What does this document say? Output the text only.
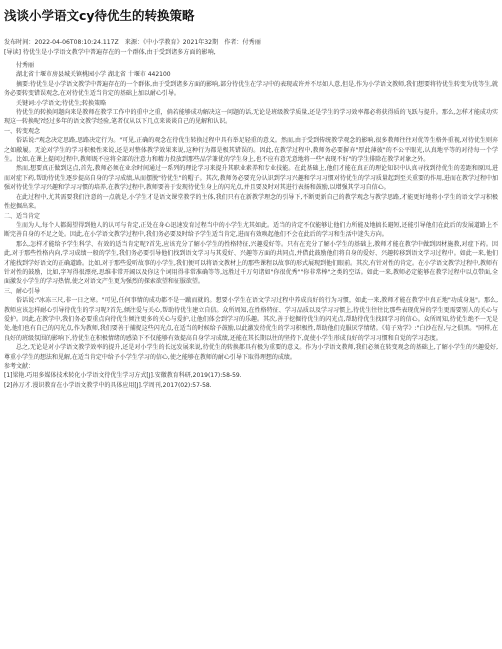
浅谈小学语文су待优生的转换策略

发布时间：2022-04-06T08:10:24.117Z　来源：《中小学教育》2021年32期　作者：付秀丽

[导读] 待优生是小学语文教学中普遍存在的一个群体,由于受到诸多方面的影响,

付秀丽

湖北省十堰市房县城关镇桃园小学 湖北省 十堰市 442100

摘要:待优生是小学语文教学中普遍存在的一个群体,由于受到诸多方面的影响,部分待优生在学习中的表现或许并不尽如人意,但是,作为小学语文教师,我们想要将待优生转变为优等生,就务必要转变错误观念,在对待优生适当肯定的基础上加以耐心引导。

关键词:小学语文;待优生;转换策略

待优生的转换问题向来是教师在教学工作中的重中之重，倘若能够成功解决这一问题的话,无论是班级教学质量,还是学生的学习效率都必将获得质的飞跃与提升。那么,怎样才能成功实现这一转换呢?经过多年的语文教学经验,笔者仅从以下几点来谈谈自己的见解和认识。

一、转变观念

俗话说:"观念决定思路,思路决定行为。"可见,正确的观念在待优生转换过程中具有举足轻重的意义。然而,由于受到传统教学观念的影响,很多教师往往对优等生格外重视,对待优生则弃之如敝履。无论对学生的学习积极性来说,还是对整体教学效果来说,这种行为都是极其错误的。因此,在教学过程中,教师务必要摒弃"厚此薄彼"的不公平眼光,认真地平等的对待每一个学生。比如,在课上提问过程中,教师既不应将全部的注意力和精力投放到那些品学兼优的学生身上,也不应有意无意地将一些"表现不好"的学生排除在教学对象之外。

然而,想要真正做到这点,首先,教师必须在业余时间通过一系列的理论学习来提升其职业素养和专业技能。在此基础上,他们才能在真正的理论知识中认真寻找到待优生的差距和原因,进而对症下药,帮助待优生逐步提高自身的学习成绩,从而摆脱"待优生"的帽子。其次,教师务必要充分认识到学习兴趣和学习习惯对待优生的学习质量起到至关重要的作用,进而在教学过程中加强对待优生学习兴趣和学习习惯的培养,在教学过程中,教师要善于发现待优生身上的闪光点,并且要及时对其进行表扬和鼓励,以增强其学习自信心。

在此过程中,尤其需要我们注意的一点就是,小学生才是语文课堂教学的主体,我们只有在新教学理念的引导下,不断更新自己的教学观念与教学思路,才能更好地将小学生的语文学习积极性挖掘出来。

二、适当肯定

生而为人,每个人都渴望得到他人的认可与肯定,正处在身心迅速发育过程当中的小学生尤其如此。适当的肯定不仅能够让他们力所能及地搞长避短,还能引导他们在此后的发展道路上不断完善自身的不足之处。因此,在小学语文教学过程中,我们务必要及时给予学生适当肯定,进而有效唤起他们不会在此后的学习和生活中迷失方向。

那么,怎样才能给予学生科学、有效的适当肯定呢?首先,应该充分了解小学生的性格特征,兴趣爱好等。只有在充分了解小学生的基础上,教师才能在教学中做到因材施教,对症下药。因此,对于那些性格内向,学习成绩一般的学生,我们务必要引导他们找到语文学习与其爱好、兴趣等方面的共同点,并借此鼓励他们将自身的爱好、兴趣转移到语文学习过程中。如此一来,他们才能找到学好语文的正确道路。比如,对于那些爱听故事的小学生,我们便可以将语文教材上的那些课程以故事的形式展现到他们眼前。其次,有针对性的肯定。在小学语文教学过程中,教师有针对性的鼓励，比如,字写得很漂亮,思维非常开阔以及你这个词用得非常准确等等,远胜过千万句诸如"你很优秀""你非常棒"之类的空话。如此一来,教师必定能够在教学过程中以点带面,全面激发小学生的学习热情,使之对语文产生更为强烈的探索欲望和征服欲望。

三、耐心引导

俗话说:"冰冻三尺,非一日之寒。"可见,任何事情的成功都不是一蹴而就的。想要小学生在语文学习过程中养成良好的行为习惯，如此一来,教师才能在教学中真正地"功成身退"。那么,教师应该怎样耐心引导待优生的学习呢?首先,倾注爱与关心,帮助待优生建立自信。众所周知,在性格特征、学习品质以及学习习惯上,待优生往往比那些表现优异的学生更需要别人的关心与爱护。因此,在教学中,我们务必要重点向待优生倾注更多的关心与爱护,让他们体会到学习的乐趣。其次,善于挖掘待优生的闪光点,帮助待优生找回学习的信心。众所周知,待优生绝不一无是处,他们也有自己的闪光点,作为教师,我们要善于捕捉这些闪光点,在适当的时候给予鼓励,以此激发待优生的学习积极性,帮助他们克服厌学情绪。《荀子劝学》:"白沙在涅,与之俱黑。"同样,在良好的班级氛围的影响下,待优生在积极情绪的感染下不仅能够有效提高自身学习成绩,还能在其长期以往的坚持下,促使小学生形成良好的学习习惯和自觉的学习态度。

总之,无论是对小学语文教学效率的提升,还是对小学生的长远发展来说,待优生的转换都具有极为重要的意义。作为小学语文教师,我们必须在转变观念的基础上,了解小学生的兴趣爱好,尊重小学生的想法和见解,在适当肯定中给予小学生学习的信心,使之能够在教师的耐心引导下取得理想的成绩。

参考文献：

[1]梁艳.巧用多媒体技术转化小学语文待优生学习方式[J].安徽教育科研,2019(17):58-59.

[2]孙万才.漫识教育在小学语文教学中的具体应用[J].学周刊,2017(02):57-58.
